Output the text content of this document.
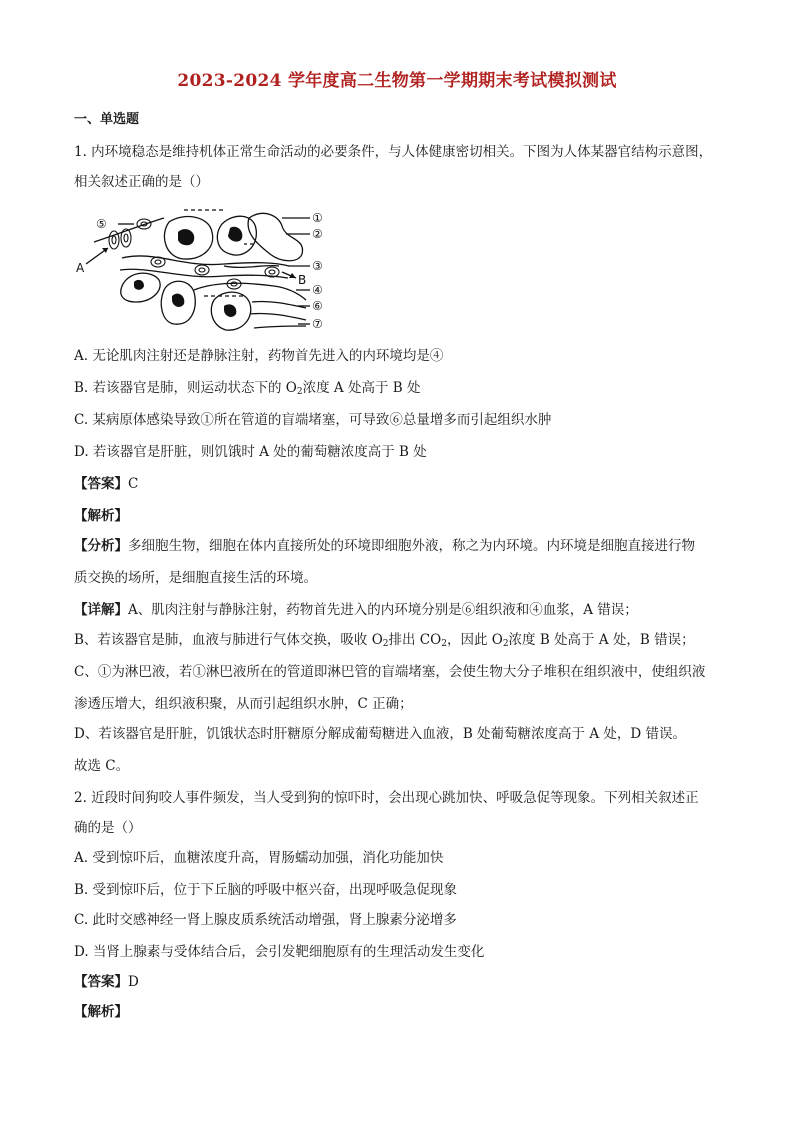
2023-2024 学年度高二生物第一学期期末考试模拟测试
一、单选题
1. 内环境稳态是维持机体正常生命活动的必要条件，与人体健康密切相关。下图为人体某器官结构示意图，
相关叙述正确的是（）
⑤	①
②
③
④
⑥
⑦
A
B
A. 无论肌肉注射还是静脉注射，药物首先进入的内环境均是④
B. 若该器官是肺，则运动状态下的 $O_2$浓度 A 处高于 B 处
C. 某病原体感染导致①所在管道的盲端堵塞，可导致⑥总量增多而引起组织水肿
D. 若该器官是肝脏，则饥饿时 A 处的葡萄糖浓度高于 B 处
【答案】C
【解析】
【分析】多细胞生物，细胞在体内直接所处的环境即细胞外液，称之为内环境。内环境是细胞直接进行物
质交换的场所，是细胞直接生活的环境。
【详解】A、肌肉注射与静脉注射，药物首先进入的内环境分别是⑥组织液和④血浆，A 错误；
B、若该器官是肺，血液与肺进行气体交换，吸收 $O_2$排出 $CO_2$，因此 $O_2$浓度 B 处高于 A 处，B 错误；
C、①为淋巴液，若①淋巴液所在的管道即淋巴管的盲端堵塞，会使生物大分子堆积在组织液中，使组织液
渗透压增大，组织液积聚，从而引起组织水肿，C 正确；
D、若该器官是肝脏，饥饿状态时肝糖原分解成葡萄糖进入血液，B 处葡萄糖浓度高于 A 处，D 错误。
故选 C。
2. 近段时间狗咬人事件频发，当人受到狗的惊吓时，会出现心跳加快、呼吸急促等现象。下列相关叙述正
确的是（）
A. 受到惊吓后，血糖浓度升高，胃肠蠕动加强，消化功能加快
B. 受到惊吓后，位于下丘脑的呼吸中枢兴奋，出现呼吸急促现象
C. 此时交感神经一肾上腺皮质系统活动增强，肾上腺素分泌增多
D. 当肾上腺素与受体结合后，会引发靶细胞原有的生理活动发生变化
【答案】D
【解析】
